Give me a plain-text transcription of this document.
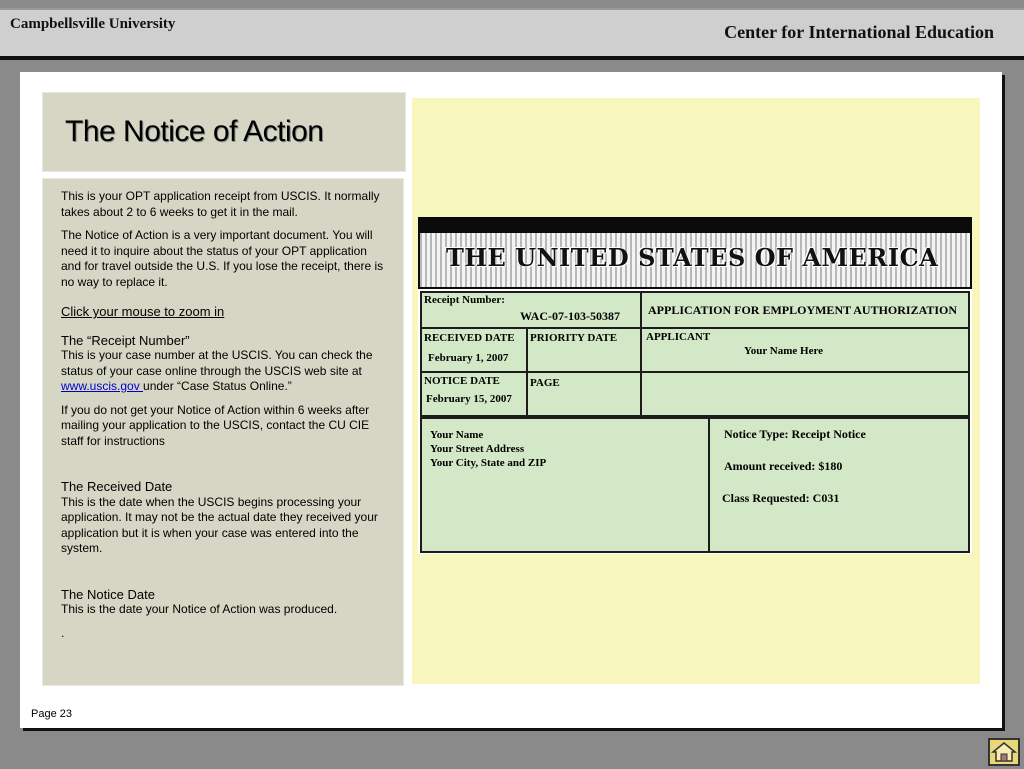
Campbellsville University	Center for International Education
The Notice of Action

This is your OPT application receipt from USCIS. It normally takes about 2 to 6 weeks to get it in the mail.

The Notice of Action is a very important document. You will need it to inquire about the status of your OPT application and for travel outside the U.S. If you lose the receipt, there is no way to replace it.

Click your mouse to zoom in

The “Receipt Number”
This is your case number at the USCIS. You can check the status of your case online through the USCIS web site at www.uscis.gov under “Case Status Online.”

If you do not get your Notice of Action within 6 weeks after mailing your application to the USCIS, contact the CU CIE staff for instructions

The Received Date
This is the date when the USCIS begins processing your application. It may not be the actual date they received your application but it is when your case was entered into the system.

The Notice Date
This is the date your Notice of Action was produced.

.

Page 23
THE UNITED STATES OF AMERICA
Receipt Number:
WAC-07-103-50387 APPLICATION FOR EMPLOYMENT AUTHORIZATION
RECEIVED DATE
February 1, 2007
PRIORITY DATE	APPLICANT
Your Name Here
NOTICE DATE
February 15, 2007
PAGE
Your Name
Your Street Address
Your City, State and ZIP
Notice Type: Receipt Notice
Amount received: $180
Class Requested: C031
